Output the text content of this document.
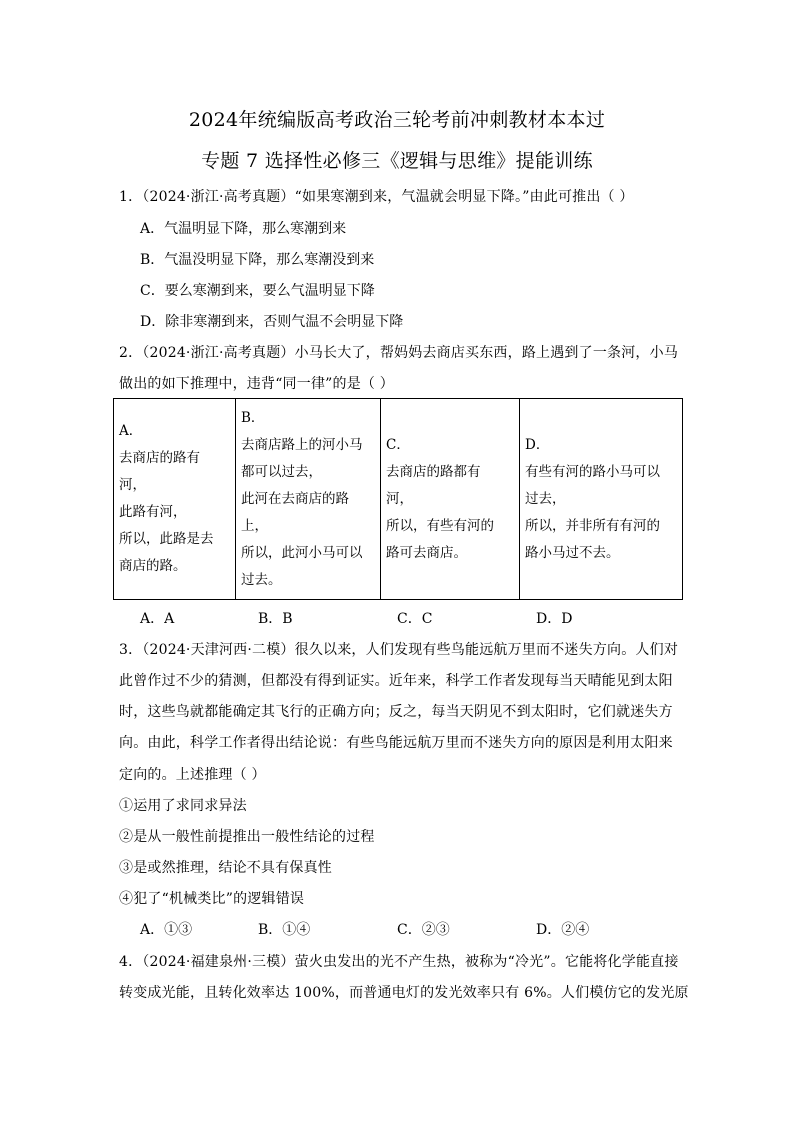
2024年统编版高考政治三轮考前冲刺教材本本过
专题 7 选择性必修三《逻辑与思维》提能训练
1．（2024·浙江·高考真题）“如果寒潮到来，气温就会明显下降。”由此可推出（ ）
A．气温明显下降，那么寒潮到来
B．气温没明显下降，那么寒潮没到来
C．要么寒潮到来，要么气温明显下降
D．除非寒潮到来，否则气温不会明显下降
2．（2024·浙江·高考真题）小马长大了，帮妈妈去商店买东西，路上遇到了一条河，小马
做出的如下推理中，违背“同一律”的是（ ）
A．
去商店的路有
河，
此路有河，
所以，此路是去
商店的路。

B．
去商店路上的河小马
都可以过去，
此河在去商店的路
上，
所以，此河小马可以
过去。

C．
去商店的路都有
河，
所以，有些有河的
路可去商店。

D．
有些有河的路小马可以
过去，
所以，并非所有有河的
路小马过不去。
A．A	B．B	C．C	D．D
3．（2024·天津河西·二模）很久以来，人们发现有些鸟能远航万里而不迷失方向。人们对
此曾作过不少的猜测，但都没有得到证实。近年来，科学工作者发现每当天晴能见到太阳
时，这些鸟就都能确定其飞行的正确方向；反之，每当天阴见不到太阳时，它们就迷失方
向。由此，科学工作者得出结论说：有些鸟能远航万里而不迷失方向的原因是利用太阳来
定向的。上述推理（ ）
①运用了求同求异法
②是从一般性前提推出一般性结论的过程
③是或然推理，结论不具有保真性
④犯了“机械类比”的逻辑错误
A．①③	B．①④	C．②③	D．②④
4．（2024·福建泉州·三模）萤火虫发出的光不产生热，被称为“冷光”。它能将化学能直接
转变成光能，且转化效率达 100%，而普通电灯的发光效率只有 6%。人们模仿它的发光原
